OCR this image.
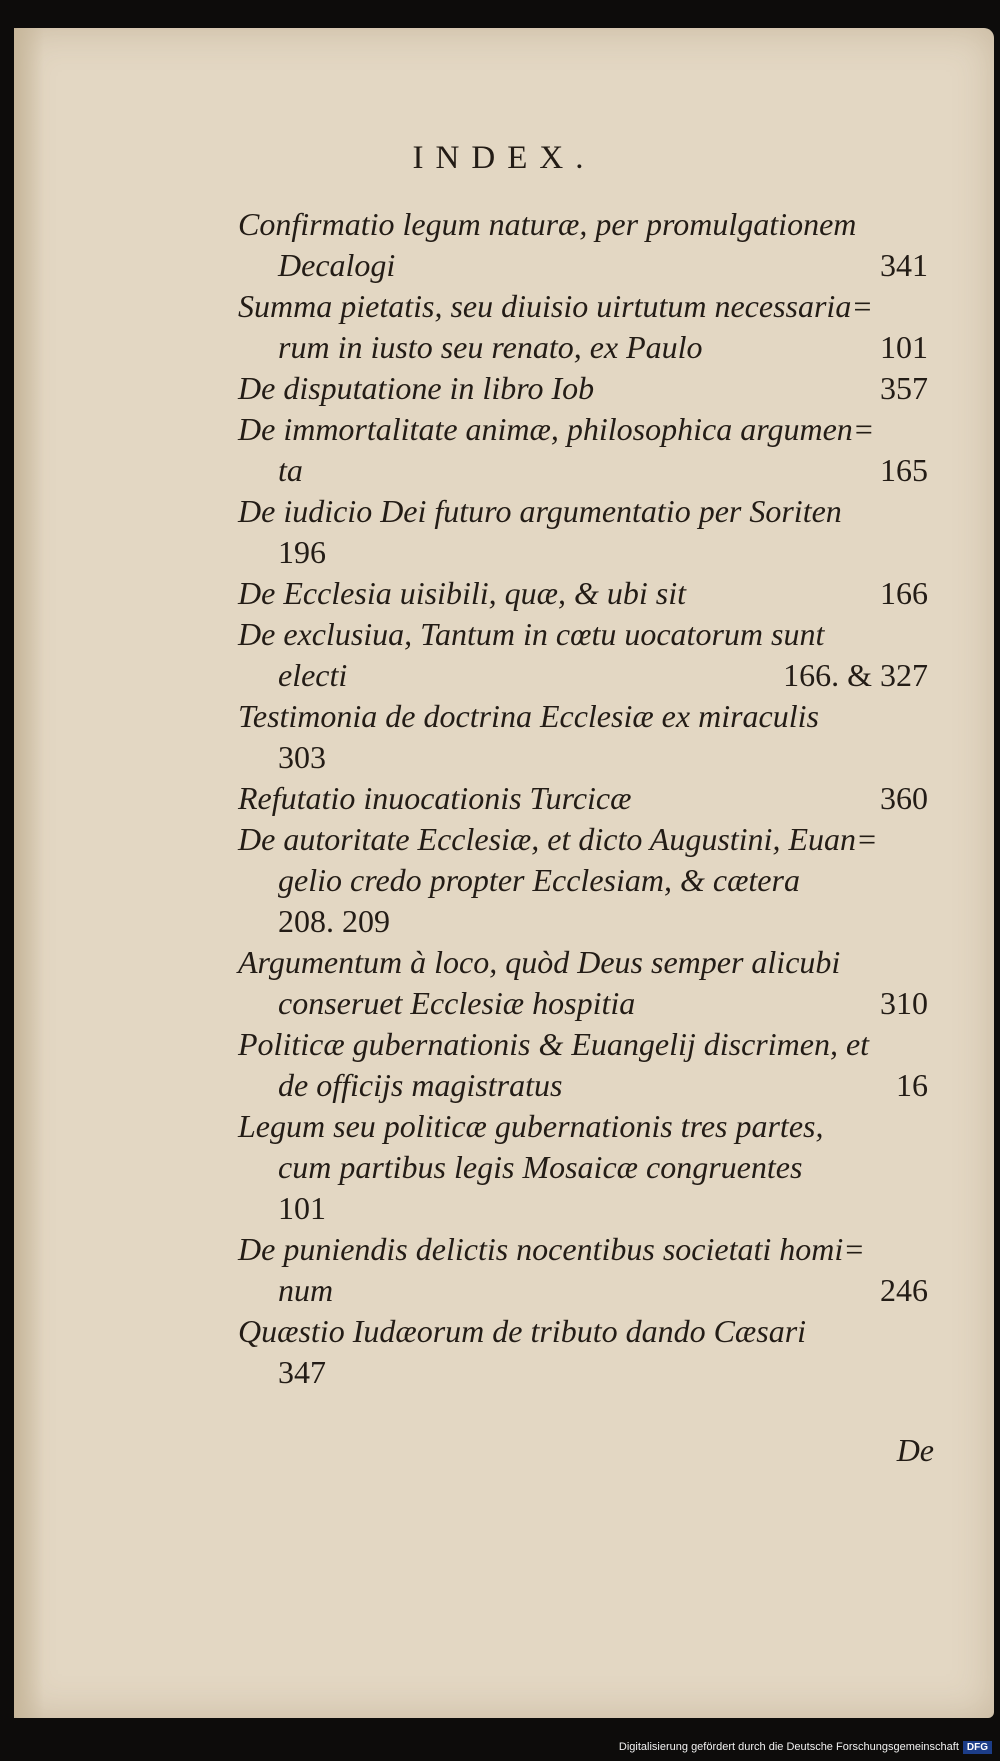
INDEX.
Confirmatio legum naturæ, per promulgationem
341
Decalogi
Summa pietatis, seu diuisio uirtutum necessaria=
101
rum in iusto seu renato, ex Paulo
357
De disputatione in libro Iob
De immortalitate animæ, philosophica argumen=
165
ta
De iudicio Dei futuro argumentatio per Soriten
196
166
De Ecclesia uisibili, quæ, & ubi sit
De exclusiua, Tantum in cœtu uocatorum sunt
166. & 327
electi
Testimonia de doctrina Ecclesiæ ex miraculis
303
360
Refutatio inuocationis Turcicæ
De autoritate Ecclesiæ, et dicto Augustini, Euan=
gelio credo propter Ecclesiam, & cætera
208. 209
Argumentum à loco, quòd Deus semper alicubi
310
conseruet Ecclesiæ hospitia
Politicæ gubernationis & Euangelij discrimen, et
16
de officijs magistratus
Legum seu politicæ gubernationis tres partes,
cum partibus legis Mosaicæ congruentes
101
De puniendis delictis nocentibus societati homi=
246
num
Quæstio Iudæorum de tributo dando Cæsari
347
De
Digitalisierung gefördert durch die Deutsche Forschungsgemeinschaft DFG
